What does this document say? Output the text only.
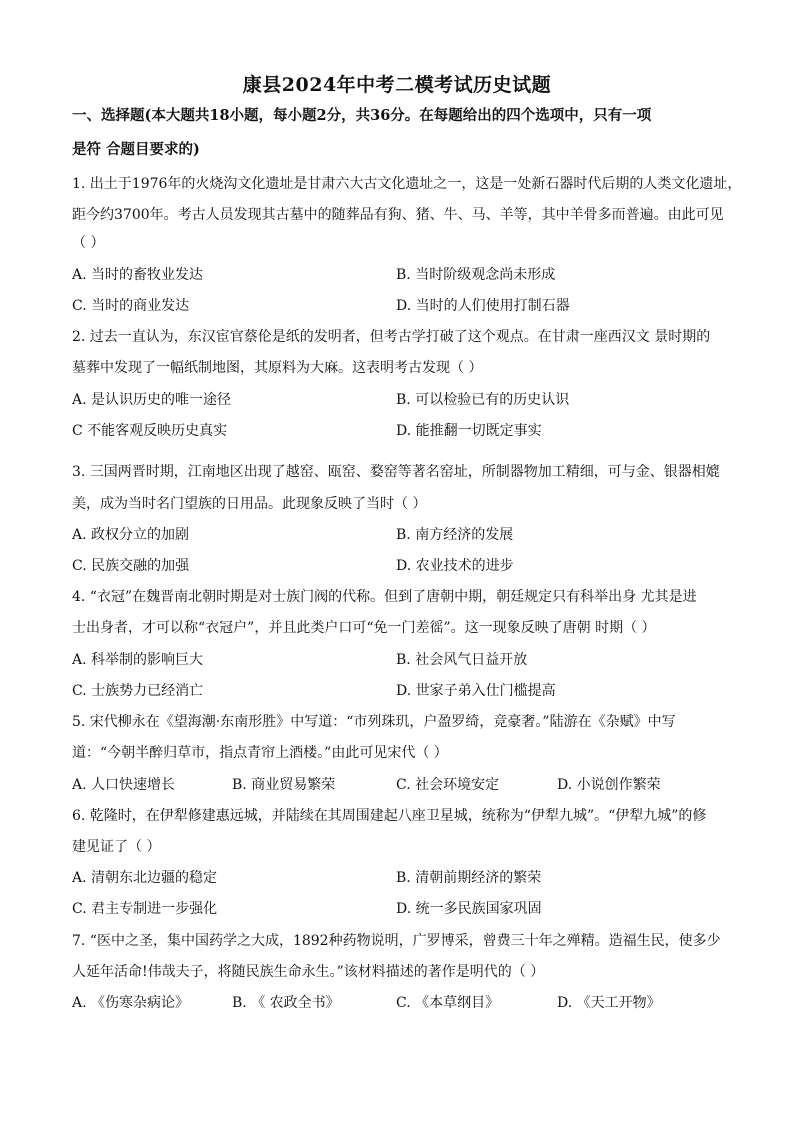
康县2024年中考二模考试历史试题
一、选择题(本大题共18小题，每小题2分，共36分。在每题给出的四个选项中，只有一项
是符 合题目要求的)
1. 出土于1976年的火烧沟文化遗址是甘肃六大古文化遗址之一，这是一处新石器时代后期的人类文化遗址，
距今约3700年。考古人员发现其古墓中的随葬品有狗、猪、牛、马、羊等，其中羊骨多而普遍。由此可见
（ ）
A. 当时的畜牧业发达	B. 当时阶级观念尚未形成
C. 当时的商业发达	D. 当时的人们使用打制石器
2. 过去一直认为，东汉宦官蔡伦是纸的发明者，但考古学打破了这个观点。在甘肃一座西汉文 景时期的
墓葬中发现了一幅纸制地图，其原料为大麻。这表明考古发现（ ）
A. 是认识历史的唯一途径	B. 可以检验已有的历史认识
C 不能客观反映历史真实	D. 能推翻一切既定事实
3. 三国两晋时期，江南地区出现了越窑、瓯窑、婺窑等著名窑址，所制器物加工精细，可与金、银器相媲
美，成为当时名门望族的日用品。此现象反映了当时（ ）
A. 政权分立的加剧	B. 南方经济的发展
C. 民族交融的加强	D. 农业技术的进步
4. “衣冠”在魏晋南北朝时期是对士族门阀的代称。但到了唐朝中期，朝廷规定只有科举出身 尤其是进
士出身者，才可以称“衣冠户”，并且此类户口可“免一门差徭”。这一现象反映了唐朝 时期（ ）
A. 科举制的影响巨大	B. 社会风气日益开放
C. 士族势力已经消亡	D. 世家子弟入仕门槛提高
5. 宋代柳永在《望海潮·东南形胜》中写道：“市列珠玑，户盈罗绮，竞豪奢。”陆游在《杂赋》中写
道：“今朝半醉归草市，指点青帘上酒楼。”由此可见宋代（ ）
A. 人口快速增长	B. 商业贸易繁荣	C. 社会环境安定	D. 小说创作繁荣
6. 乾隆时，在伊犁修建惠远城，并陆续在其周围建起八座卫星城，统称为“伊犁九城”。“伊犁九城”的修
建见证了（ ）
A. 清朝东北边疆的稳定	B. 清朝前期经济的繁荣
C. 君主专制进一步强化	D. 统一多民族国家巩固
7. “医中之圣，集中国药学之大成，1892种药物说明，广罗博采，曾费三十年之殚精。造福生民，使多少
人延年活命!伟哉夫子，将随民族生命永生。”该材料描述的著作是明代的（ ）
A. 《伤寒杂病论》	B. 《 农政全书》	C. 《本草纲目》	D. 《天工开物》
